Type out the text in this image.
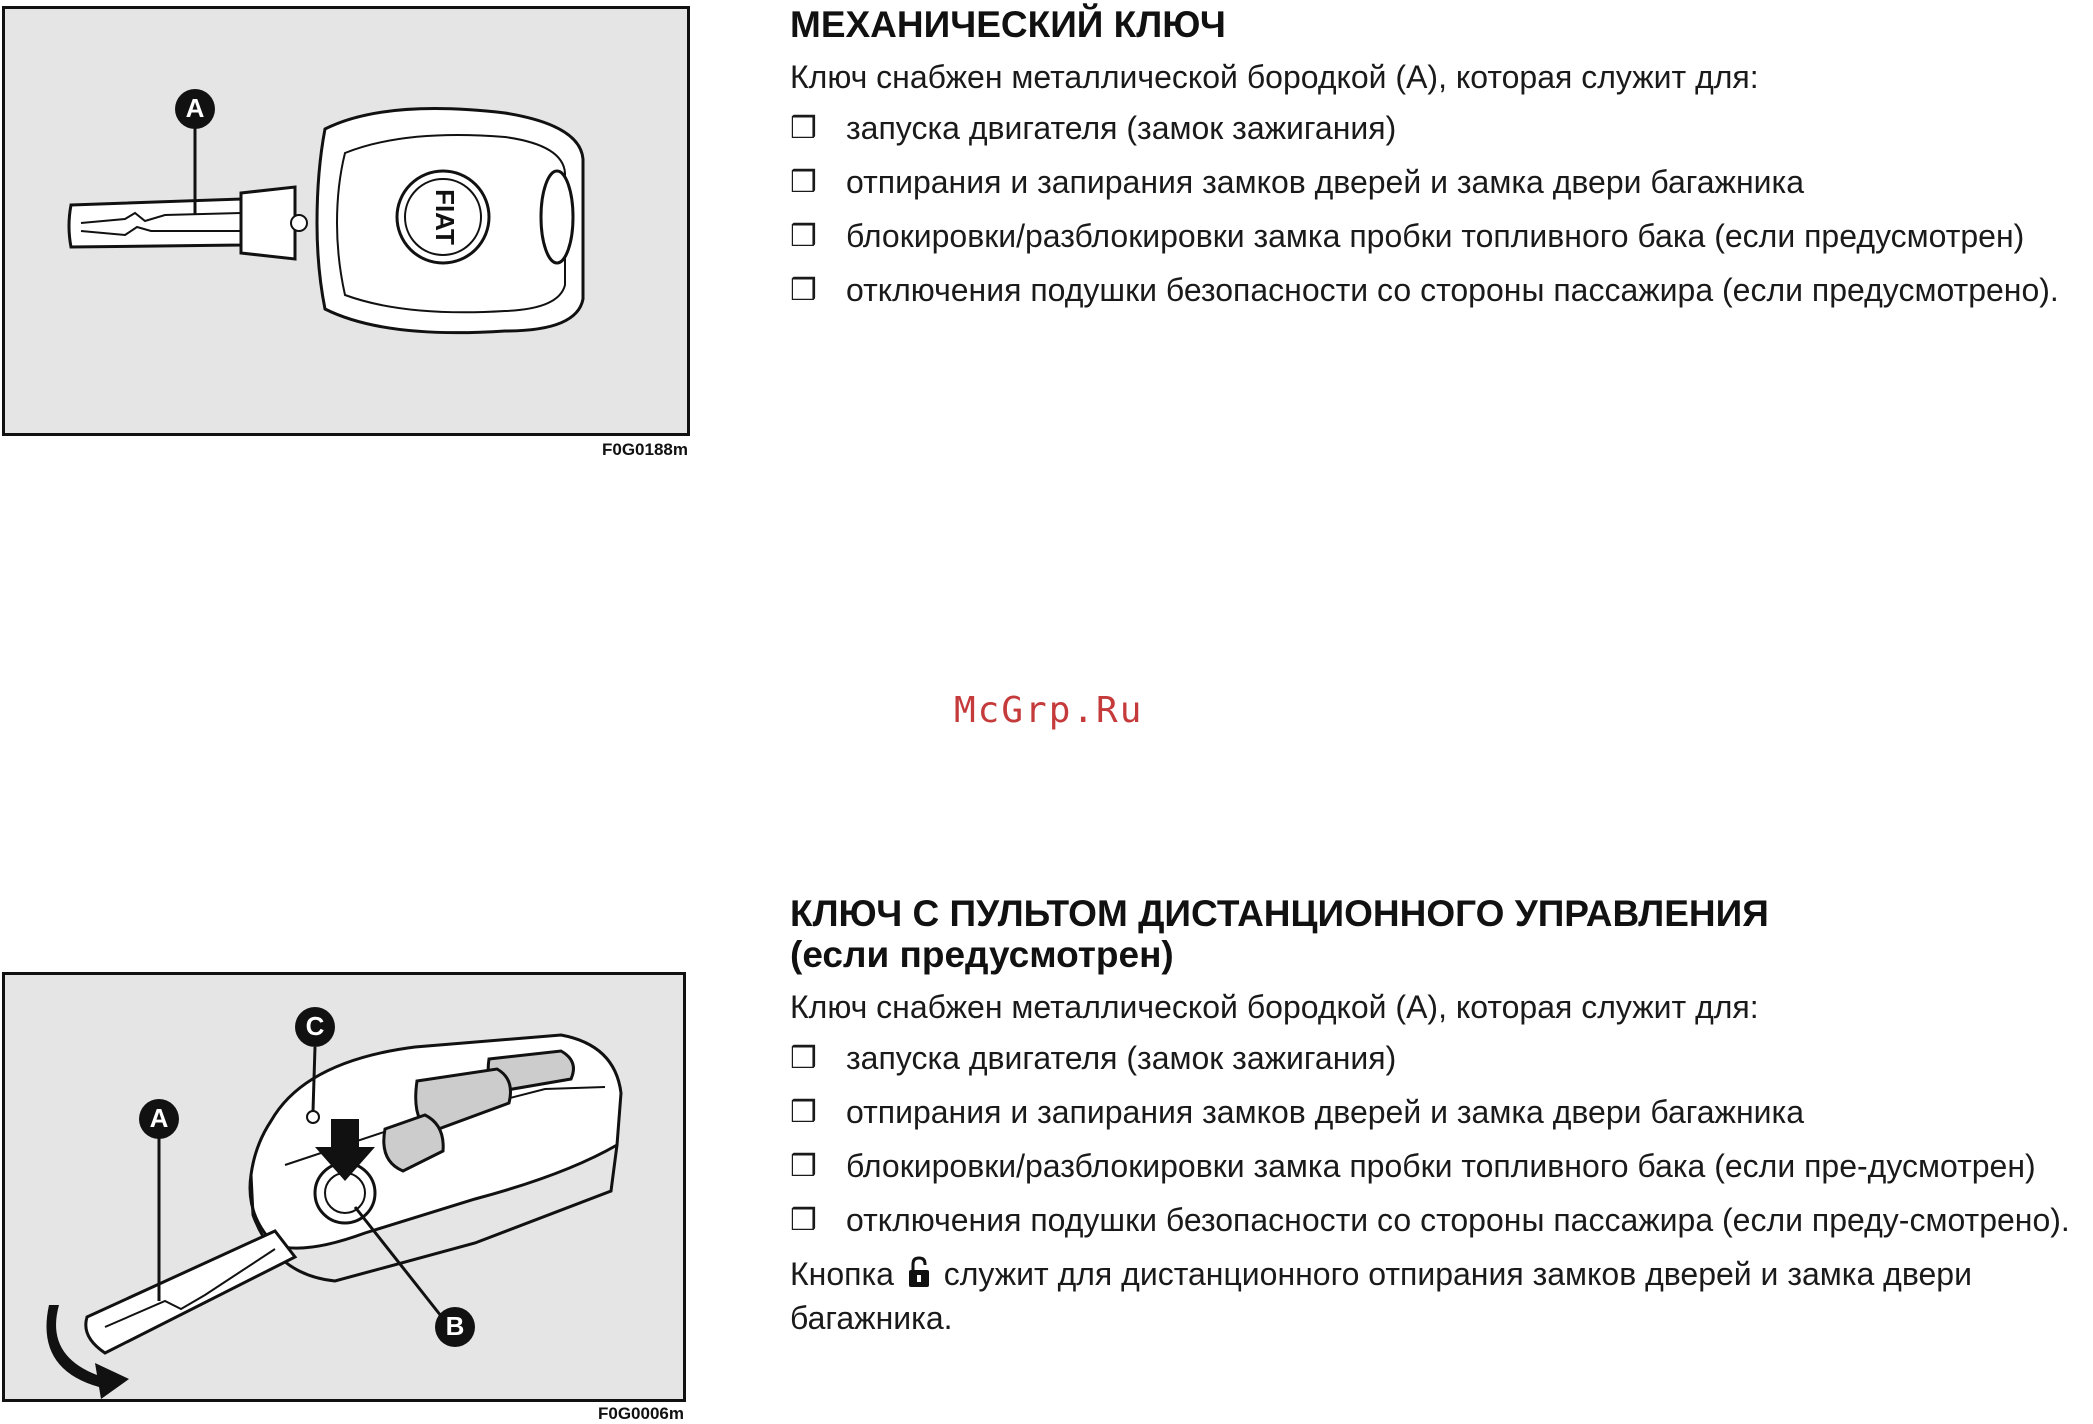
FIAT
A
F0G0188m
МЕХАНИЧЕСКИЙ КЛЮЧ
Ключ снабжен металлической бородкой (А), которая служит для:
❒ запуска двигателя (замок зажигания)
❒ отпирания и запирания замков дверей и замка двери багажника
❒ блокировки/разблокировки замка пробки топливного бака (если предусмотрен)
❒ отключения подушки безопасности со стороны пассажира (если предусмотрено).
McGrp.Ru
C
A
B
F0G0006m
КЛЮЧ С ПУЛЬТОМ ДИСТАНЦИОННОГО УПРАВЛЕНИЯ
(если предусмотрен)
Ключ снабжен металлической бородкой (А), которая служит для:
❒ запуска двигателя (замок зажигания)
❒ отпирания и запирания замков дверей и замка двери багажника
❒ блокировки/разблокировки замка пробки топливного бака (если пре-дусмотрен)
❒ отключения подушки безопасности со стороны пассажира (если преду-смотрено).
Кнопка служит для дистанционного отпирания замков дверей и замка двери багажника.
